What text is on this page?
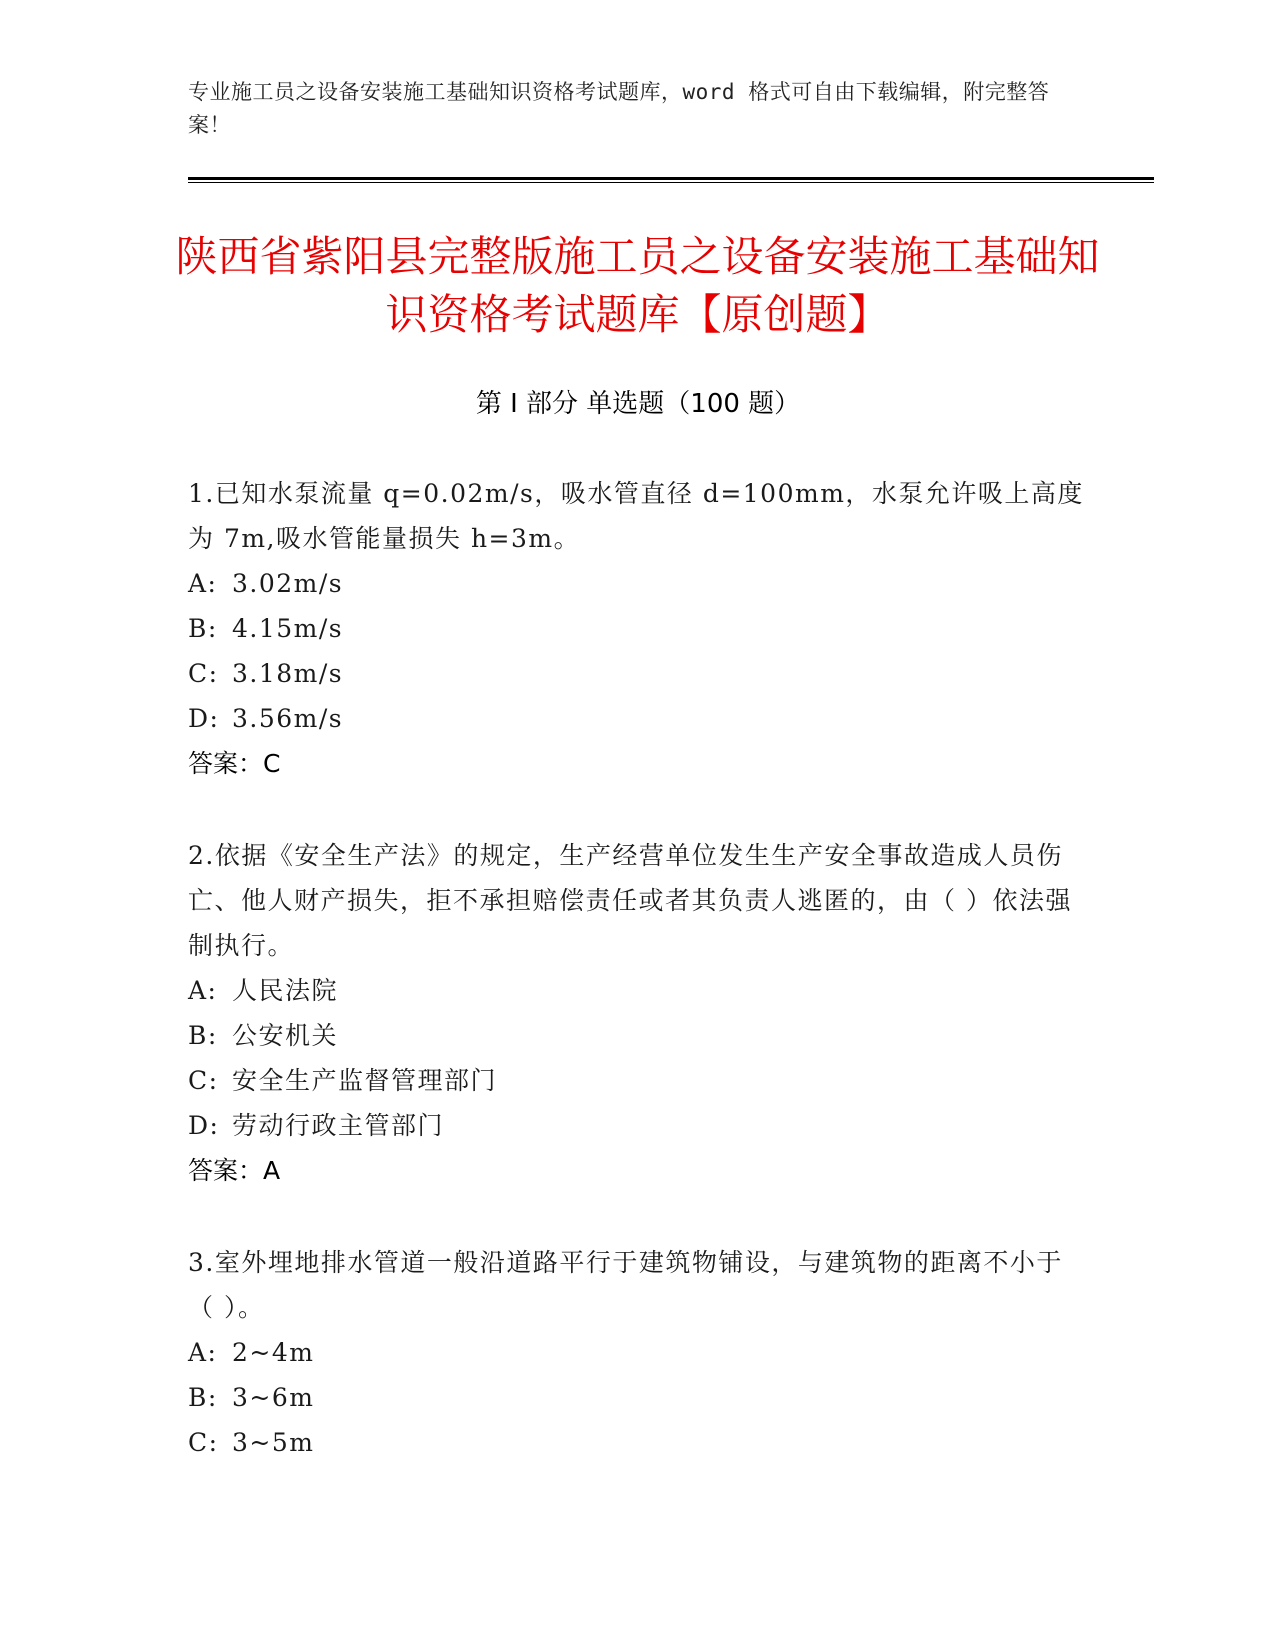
专业施工员之设备安装施工基础知识资格考试题库，word 格式可自由下载编辑，附完整答案！
陕西省紫阳县完整版施工员之设备安装施工基础知识资格考试题库【原创题】
第 I 部分 单选题（100 题）
1.已知水泵流量 q=0.02m/s，吸水管直径 d=100mm，水泵允许吸上高度为 7m,吸水管能量损失 h=3m。
A: 3.02m/s
B: 4.15m/s
C: 3.18m/s
D: 3.56m/s
答案：C
2.依据《安全生产法》的规定，生产经营单位发生生产安全事故造成人员伤亡、他人财产损失，拒不承担赔偿责任或者其负责人逃匿的，由（ ）依法强制执行。
A: 人民法院
B: 公安机关
C: 安全生产监督管理部门
D: 劳动行政主管部门
答案：A
3.室外埋地排水管道一般沿道路平行于建筑物铺设，与建筑物的距离不小于（ ）。
A: 2~4m
B: 3~6m
C: 3~5m
